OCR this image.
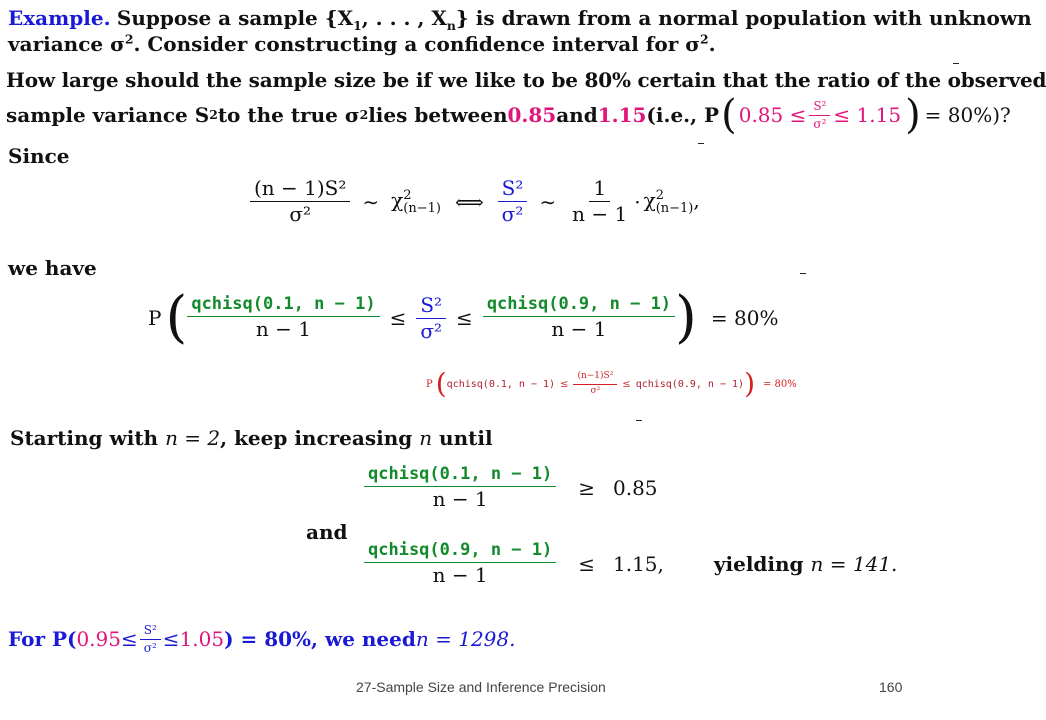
Example. Suppose a sample {$X_1$, . . . , $X_n$} is drawn from a normal population with unknown
variance $\sigma^2$. Consider constructing a confidence interval for $\sigma^2$.
How large should the sample size be if we like to be 80% certain that the ratio of the observed
sample variance S 2 to the true σ 2 lies between 0.85 and 1.15 (i.e., P ( $0.85 \le \frac{\text{S²}}{\text{σ²}} \le 1.15$ ) = 80%)?
Since
$\frac{\text{(n − 1)S²}}{\text{σ²}}$ ∼ χ 2
(n−1) ⟺ $\frac{\text{S²}}{\text{σ²}}$ ∼ $\frac{1}{n - 1} \cdot \chi$ 2
(n−1) ,
we have
P ( $\frac{\text{qchisq(0.1, n − 1)}}{n - 1} \le \frac{\text{S²}}{\text{σ²}} \le \frac{\text{qchisq(0.9, n − 1)}}{n - 1}$ ) = 80%
P ( qchisq(0.1, $n - 1) \le \frac{\text{(n−1)S²}}{\text{σ²}}$ ≤ qchisq(0.9, n − 1) ) = 80%
Starting with n = 2, keep increasing n until
$\frac{\text{qchisq(0.1, n − 1)}}{n - 1} \ge 0.85$
and
$\frac{\text{qchisq(0.9, n − 1)}}{n - 1} \le 1.15$,	yielding n = 141.
For P( $0.95 \le \frac{\text{S²}}{\text{σ²}} \le 1.05$ ) = 80%, we need n = 1298.
27-Sample Size and Inference Precision	160
